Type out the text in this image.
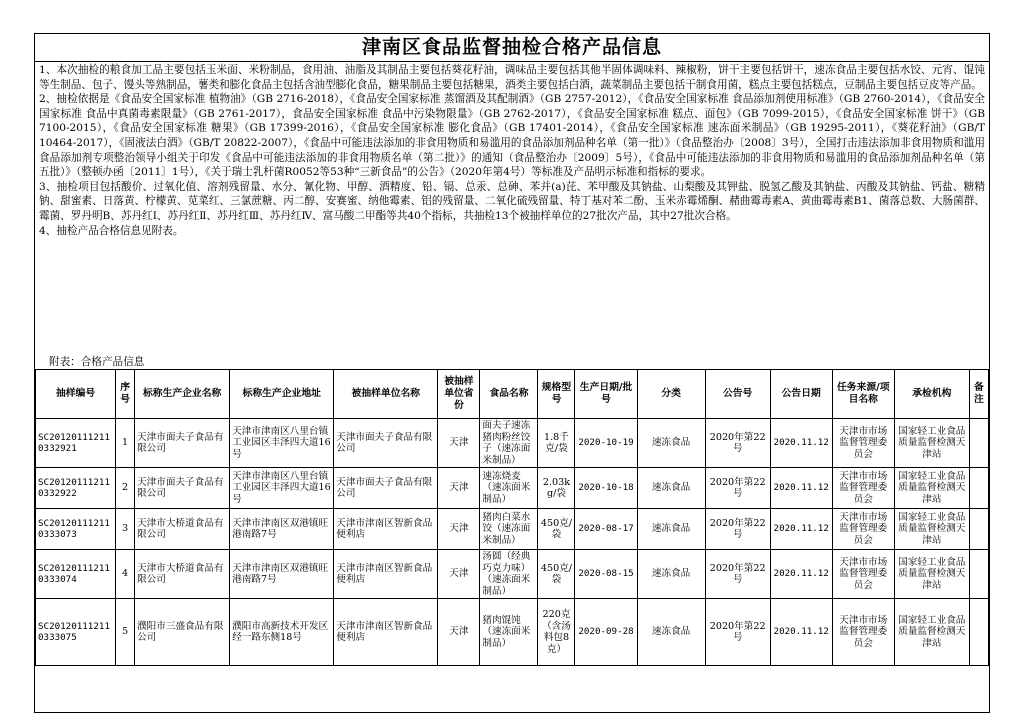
津南区食品监督抽检合格产品信息

1、本次抽检的粮食加工品主要包括玉米面、米粉制品，食用油、油脂及其制品主要包括葵花籽油，调味品主要包括其他半固体调味料、辣椒粉，饼干主要包括饼干，速冻食品主要包括水饺、元宵、馄饨等生制品、包子、馒头等熟制品，薯类和膨化食品主包括含油型膨化食品，糖果制品主要包括糖果，酒类主要包括白酒，蔬菜制品主要包括干制食用菌，糕点主要包括糕点，豆制品主要包括豆皮等产品。

2、抽检依据是《食品安全国家标准 植物油》（GB 2716-2018），《食品安全国家标准 蒸馏酒及其配制酒》（GB 2757-2012），《食品安全国家标准 食品添加剂使用标准》（GB 2760-2014），《食品安全国家标准 食品中真菌毒素限量》（GB 2761-2017），食品安全国家标准 食品中污染物限量》（GB 2762-2017），《食品安全国家标准 糕点、面包》（GB 7099-2015），《食品安全国家标准 饼干》（GB 7100-2015），《食品安全国家标准 糖果》（GB 17399-2016），《食品安全国家标准 膨化食品》（GB 17401-2014），《食品安全国家标准 速冻面米制品》（GB 19295-2011），《葵花籽油》（GB/T 10464-2017），《固液法白酒》（GB/T 20822-2007），《食品中可能违法添加的非食用物质和易滥用的食品添加剂品种名单（第一批）》（食品整治办〔2008〕3号），全国打击违法添加非食用物质和滥用食品添加剂专项整治领导小组关于印发《食品中可能违法添加的非食用物质名单（第二批）》的通知（食品整治办〔2009〕5号），《食品中可能违法添加的非食用物质和易滥用的食品添加剂品种名单（第五批）》（整顿办函〔2011〕1号），《关于瑞士乳杆菌R0052等53种“三新食品”的公告》（2020年第4号）等标准及产品明示标准和指标的要求。

3、抽检项目包括酸价、过氧化值、溶剂残留量、水分、氰化物、甲醇、酒精度、铅、镉、总汞、总砷、苯并(a)芘、苯甲酸及其钠盐、山梨酸及其钾盐、脱氢乙酸及其钠盐、丙酸及其钠盐、钙盐、糖精钠、甜蜜素、日落黄、柠檬黄、苋菜红、三氯蔗糖、丙二醇、安赛蜜、纳他霉素、铝的残留量、二氧化硫残留量、特丁基对苯二酚、玉米赤霉烯酮、赭曲霉毒素A、黄曲霉毒素B1、菌落总数、大肠菌群、霉菌、罗丹明B、苏丹红Ⅰ、苏丹红Ⅱ、苏丹红Ⅲ、苏丹红Ⅳ、富马酸二甲酯等共40个指标，共抽检13个被抽样单位的27批次产品，其中27批次合格。

4、抽检产品合格信息见附表。

附表：合格产品信息
抽样编号	序号	标称生产企业名称	标称生产企业地址	被抽样单位名称	被抽样单位省份	食品名称	规格型号	生产日期/批号	分类	公告号	公告日期	任务来源/项目名称	承检机构	备注
SC20120111211 0332921	1	天津市面夫子食品有限公司	天津市津南区八里台镇工业园区丰泽四大道16号	天津市面夫子食品有限公司	天津	面夫子速冻猪肉粉丝饺子（速冻面米制品）	1.8千克/袋	2020-10-19	速冻食品	2020年第22号	2020.11.12	天津市市场监督管理委员会	国家轻工业食品质量监督检测天津站	
SC20120111211 0332922	2	天津市面夫子食品有限公司	天津市津南区八里台镇工业园区丰泽四大道16号	天津市面夫子食品有限公司	天津	速冻烧麦（速冻面米制品）	2.03kg/袋	2020-10-18	速冻食品	2020年第22号	2020.11.12	天津市市场监督管理委员会	国家轻工业食品质量监督检测天津站	
SC20120111211 0333073	3	天津市大桥道食品有限公司	天津市津南区双港镇旺港南路7号	天津市津南区智新食品便利店	天津	猪肉白菜水饺（速冻面米制品）	450克/袋	2020-08-17	速冻食品	2020年第22号	2020.11.12	天津市市场监督管理委员会	国家轻工业食品质量监督检测天津站	
SC20120111211 0333074	4	天津市大桥道食品有限公司	天津市津南区双港镇旺港南路7号	天津市津南区智新食品便利店	天津	汤圆（经典巧克力味）（速冻面米制品）	450克/袋	2020-08-15	速冻食品	2020年第22号	2020.11.12	天津市市场监督管理委员会	国家轻工业食品质量监督检测天津站	
SC20120111211 0333075	5	濮阳市三盛食品有限公司	濮阳市高新技术开发区经一路东侧18号	天津市津南区智新食品便利店	天津	猪肉馄饨（速冻面米制品）	220克（含汤料包8克）	2020-09-28	速冻食品	2020年第22号	2020.11.12	天津市市场监督管理委员会	国家轻工业食品质量监督检测天津站	
